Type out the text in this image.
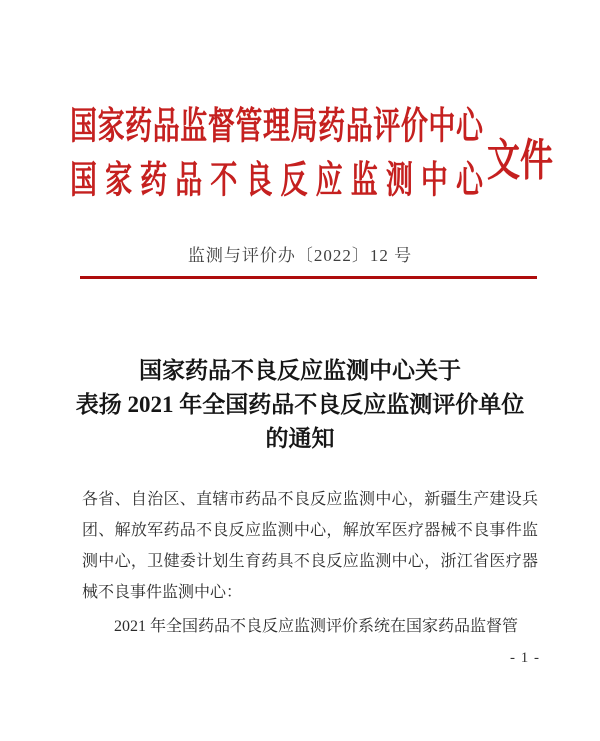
国家药品监督管理局药品评价中心
国家药品不良反应监测中心 文件
监测与评价办〔2022〕12 号
国家药品不良反应监测中心关于
表扬 2021 年全国药品不良反应监测评价单位
的通知
各省、自治区、直辖市药品不良反应监测中心，新疆生产建设兵
团、解放军药品不良反应监测中心，解放军医疗器械不良事件监
测中心，卫健委计划生育药具不良反应监测中心，浙江省医疗器
械不良事件监测中心：
2021 年全国药品不良反应监测评价系统在国家药品监督管
- 1 -
